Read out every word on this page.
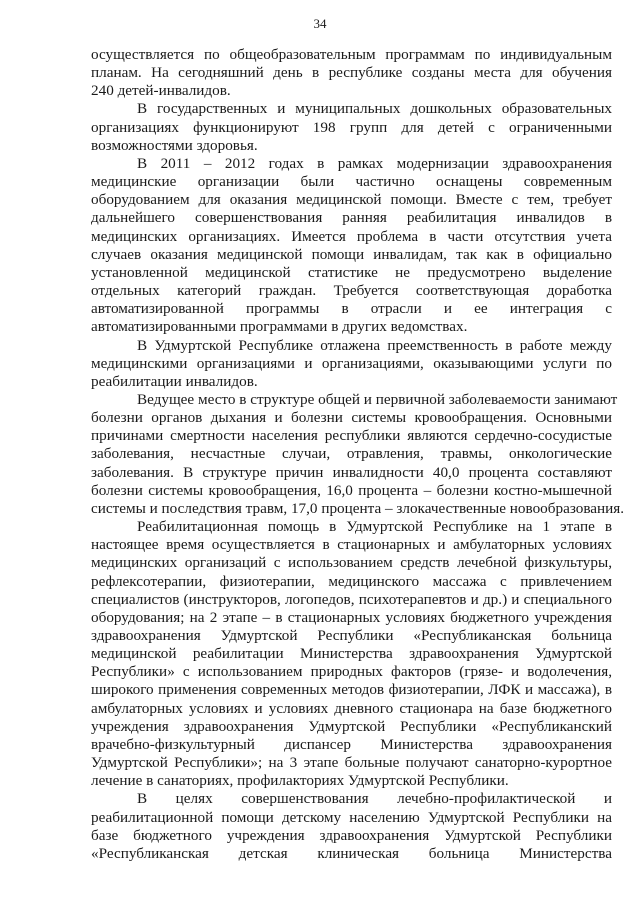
34
осуществляется по общеобразовательным программам по индивидуальным
планам. На сегодняшний день в республике созданы места для обучения
240 детей-инвалидов.
В государственных и муниципальных дошкольных образовательных
организациях функционируют 198 групп для детей с ограниченными
возможностями здоровья.
В 2011 – 2012 годах в рамках модернизации здравоохранения
медицинские организации были частично оснащены современным
оборудованием для оказания медицинской помощи. Вместе с тем, требует
дальнейшего совершенствования ранняя реабилитация инвалидов в
медицинских организациях. Имеется проблема в части отсутствия учета
случаев оказания медицинской помощи инвалидам, так как в официально
установленной медицинской статистике не предусмотрено выделение
отдельных категорий граждан. Требуется соответствующая доработка
автоматизированной программы в отрасли и ее интеграция с
автоматизированными программами в других ведомствах.
В Удмуртской Республике отлажена преемственность в работе между
медицинскими организациями и организациями, оказывающими услуги по
реабилитации инвалидов.
Ведущее место в структуре общей и первичной заболеваемости занимают
болезни органов дыхания и болезни системы кровообращения. Основными
причинами смертности населения республики являются сердечно-сосудистые
заболевания, несчастные случаи, отравления, травмы, онкологические
заболевания. В структуре причин инвалидности 40,0 процента составляют
болезни системы кровообращения, 16,0 процента – болезни костно-мышечной
системы и последствия травм, 17,0 процента – злокачественные новообразования.
Реабилитационная помощь в Удмуртской Республике на 1 этапе в
настоящее время осуществляется в стационарных и амбулаторных условиях
медицинских организаций с использованием средств лечебной физкультуры,
рефлексотерапии, физиотерапии, медицинского массажа с привлечением
специалистов (инструкторов, логопедов, психотерапевтов и др.) и специального
оборудования; на 2 этапе – в стационарных условиях бюджетного учреждения
здравоохранения Удмуртской Республики «Республиканская больница
медицинской реабилитации Министерства здравоохранения Удмуртской
Республики» с использованием природных факторов (грязе- и водолечения,
широкого применения современных методов физиотерапии, ЛФК и массажа), в
амбулаторных условиях и условиях дневного стационара на базе бюджетного
учреждения здравоохранения Удмуртской Республики «Республиканский
врачебно-физкультурный диспансер Министерства здравоохранения
Удмуртской Республики»; на 3 этапе больные получают санаторно-курортное
лечение в санаториях, профилакториях Удмуртской Республики.
В целях совершенствования лечебно-профилактической и
реабилитационной помощи детскому населению Удмуртской Республики на
базе бюджетного учреждения здравоохранения Удмуртской Республики
«Республиканская детская клиническая больница Министерства
